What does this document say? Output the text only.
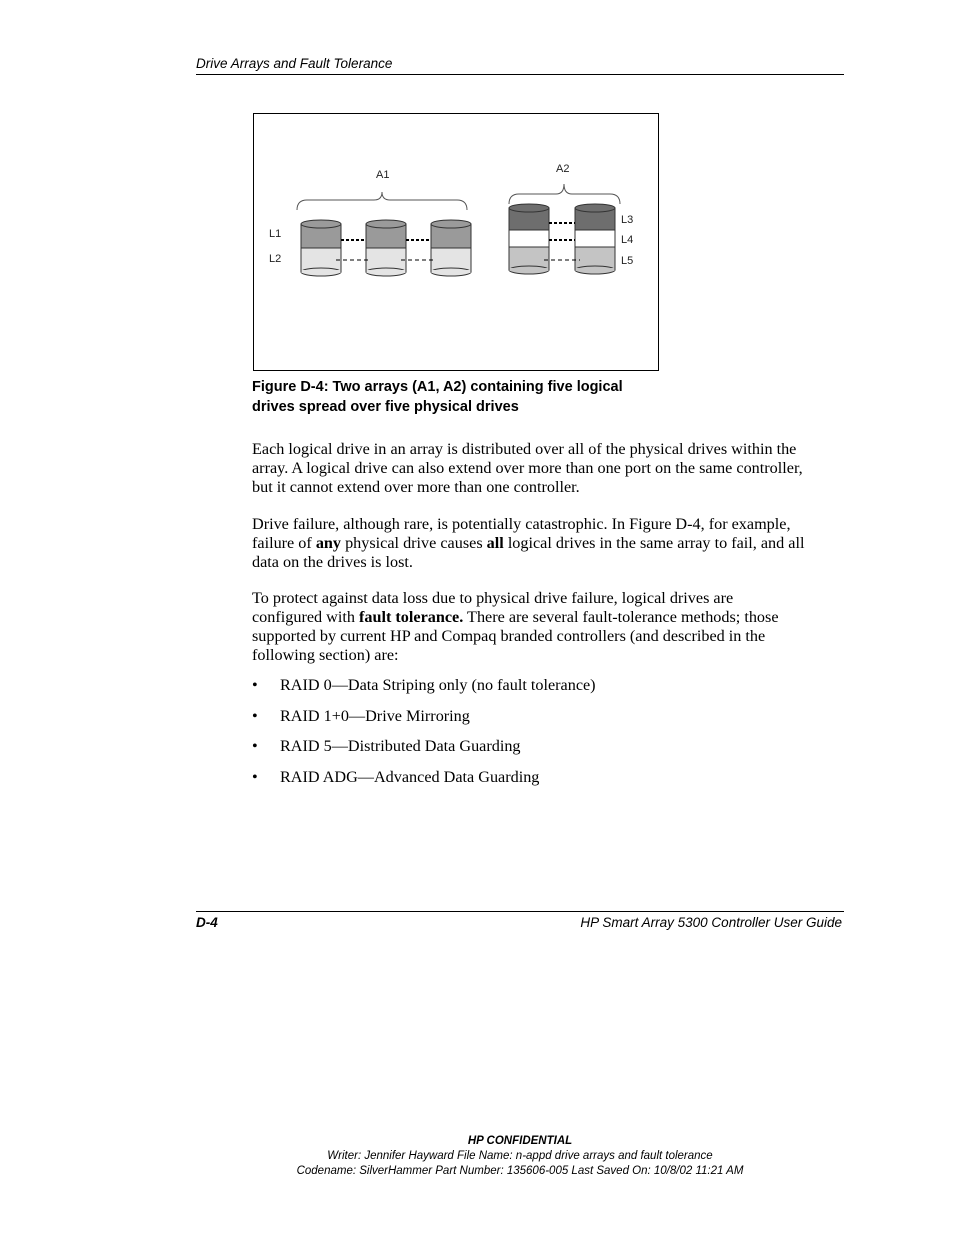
Drive Arrays and Fault Tolerance
A1	A2
L1
L2
L3
L4
L5
Figure D-4: Two arrays (A1, A2) containing five logical
drives spread over five physical drives
Each logical drive in an array is distributed over all of the physical drives within the
array. A logical drive can also extend over more than one port on the same controller,
but it cannot extend over more than one controller.
Drive failure, although rare, is potentially catastrophic. In Figure D-4, for example,
failure of any physical drive causes all logical drives in the same array to fail, and all
data on the drives is lost.
To protect against data loss due to physical drive failure, logical drives are
configured with fault tolerance. There are several fault-tolerance methods; those
supported by current HP and Compaq branded controllers (and described in the
following section) are:
• RAID 0—Data Striping only (no fault tolerance)
• RAID 1+0—Drive Mirroring
• RAID 5—Distributed Data Guarding
• RAID ADG—Advanced Data Guarding
D-4	HP Smart Array 5300 Controller User Guide
HP CONFIDENTIAL
Writer: Jennifer Hayward File Name: n-appd drive arrays and fault tolerance
Codename: SilverHammer Part Number: 135606-005 Last Saved On: 10/8/02 11:21 AM
